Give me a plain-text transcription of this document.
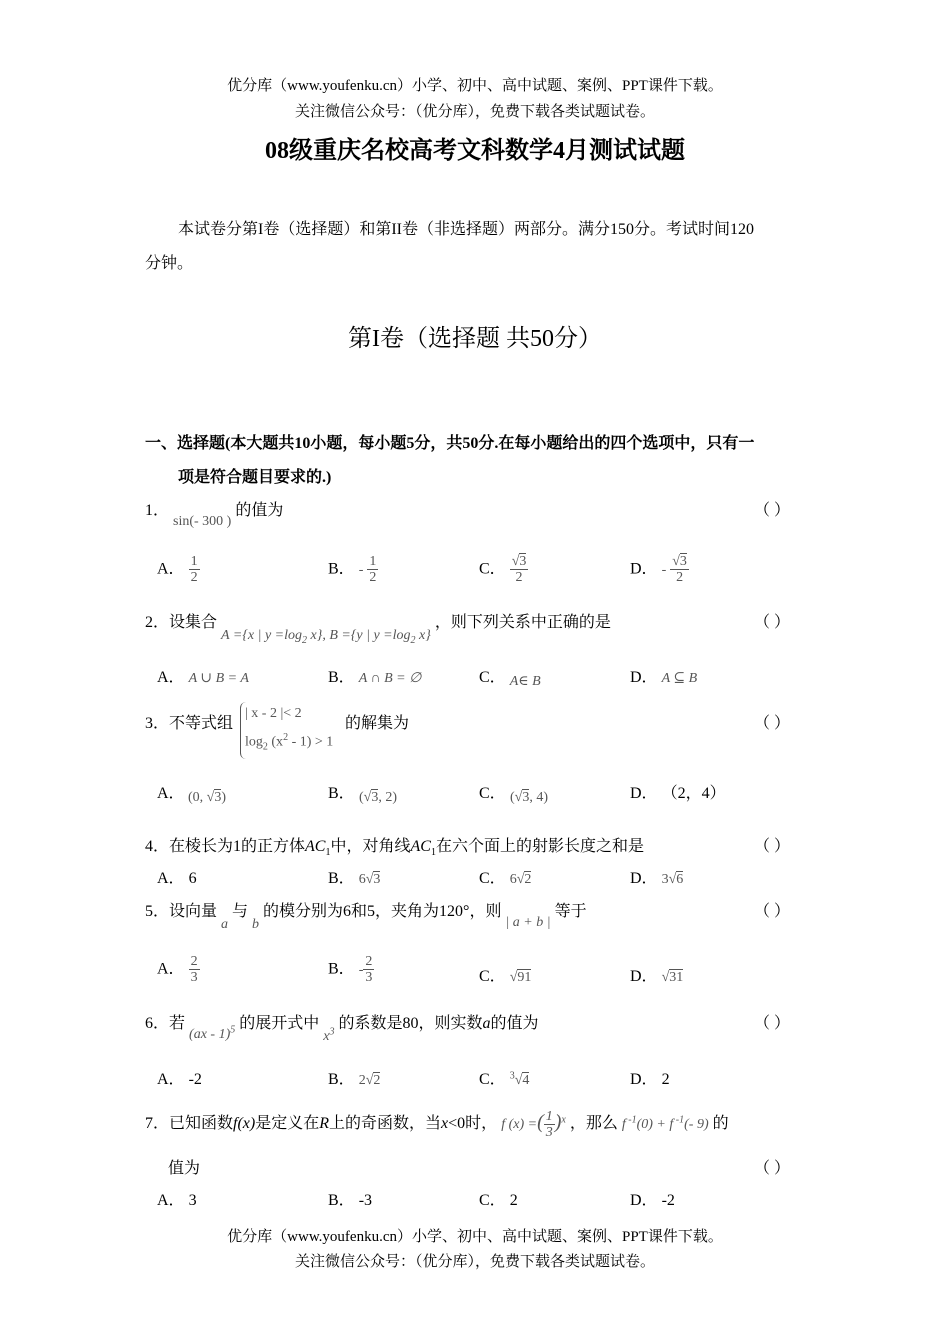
优分库（www.youfenku.cn）小学、初中、高中试题、案例、PPT课件下载。
关注微信公众号：（优分库），免费下载各类试题试卷。
08级重庆名校高考文科数学4月测试试题
本试卷分第I卷（选择题）和第II卷（非选择题）两部分。满分150分。考试时间120
分钟。
第I卷（选择题 共50分）
一、选择题(本大题共10小题，每小题5分，共50分.在每小题给出的四个选项中，只有一
项是符合题目要求的.)
1． sin(- 300 ) 的值为	（ ）
A． $\frac{1}{2}$	B． - $\frac{1}{2}$	C． $\frac{√3}{2}$	D． - $\frac{√3}{2}$
2．设集合 A ={x | $y =\log_2$ x}, B ={y | $y =\log_2$ x} ，则下列关系中正确的是	（ ）
A． A ∪ B = A	B． A ∩ B = ∅	C． A∈ B	D． A ⊆ B
3．不等式组
| x - 2 |< 2
$\log_2 (x^2 - 1) > 1$
的解集为	（ ）
A． (0, √3)	B． (√3, 2)	C． (√3, 4)	D． （2，4）
4．在棱长为1的正方体$AC_1$中，对角线$AC_1$在六个面上的射影长度之和是	（ ）
A． 6	B． 6√3	C． 6√2	D． 3√6
5．设向量 a 与 b 的模分别为6和5，夹角为120°，则 | a + b | 等于	（ ）
A． $\frac{2}{3}$	B． - $\frac{2}{3}$	C． √91	D． √31
6．若 (ax - 1)$^5$ 的展开式中 $x^3$ 的系数是80，则实数a的值为	（ ）
A． -2	B． 2√2	C． $^3$√4	D． 2
7．已知函数f(x)是定义在R上的奇函数，当x<0时， f (x) =( $\frac{1}{3} )^x$ ，那么 f $^{-1}$(0) + f $^{-1}$(- 9) 的
值为	（ ）
A． 3	B． -3	C． 2	D． -2
优分库（www.youfenku.cn）小学、初中、高中试题、案例、PPT课件下载。
关注微信公众号：（优分库），免费下载各类试题试卷。
